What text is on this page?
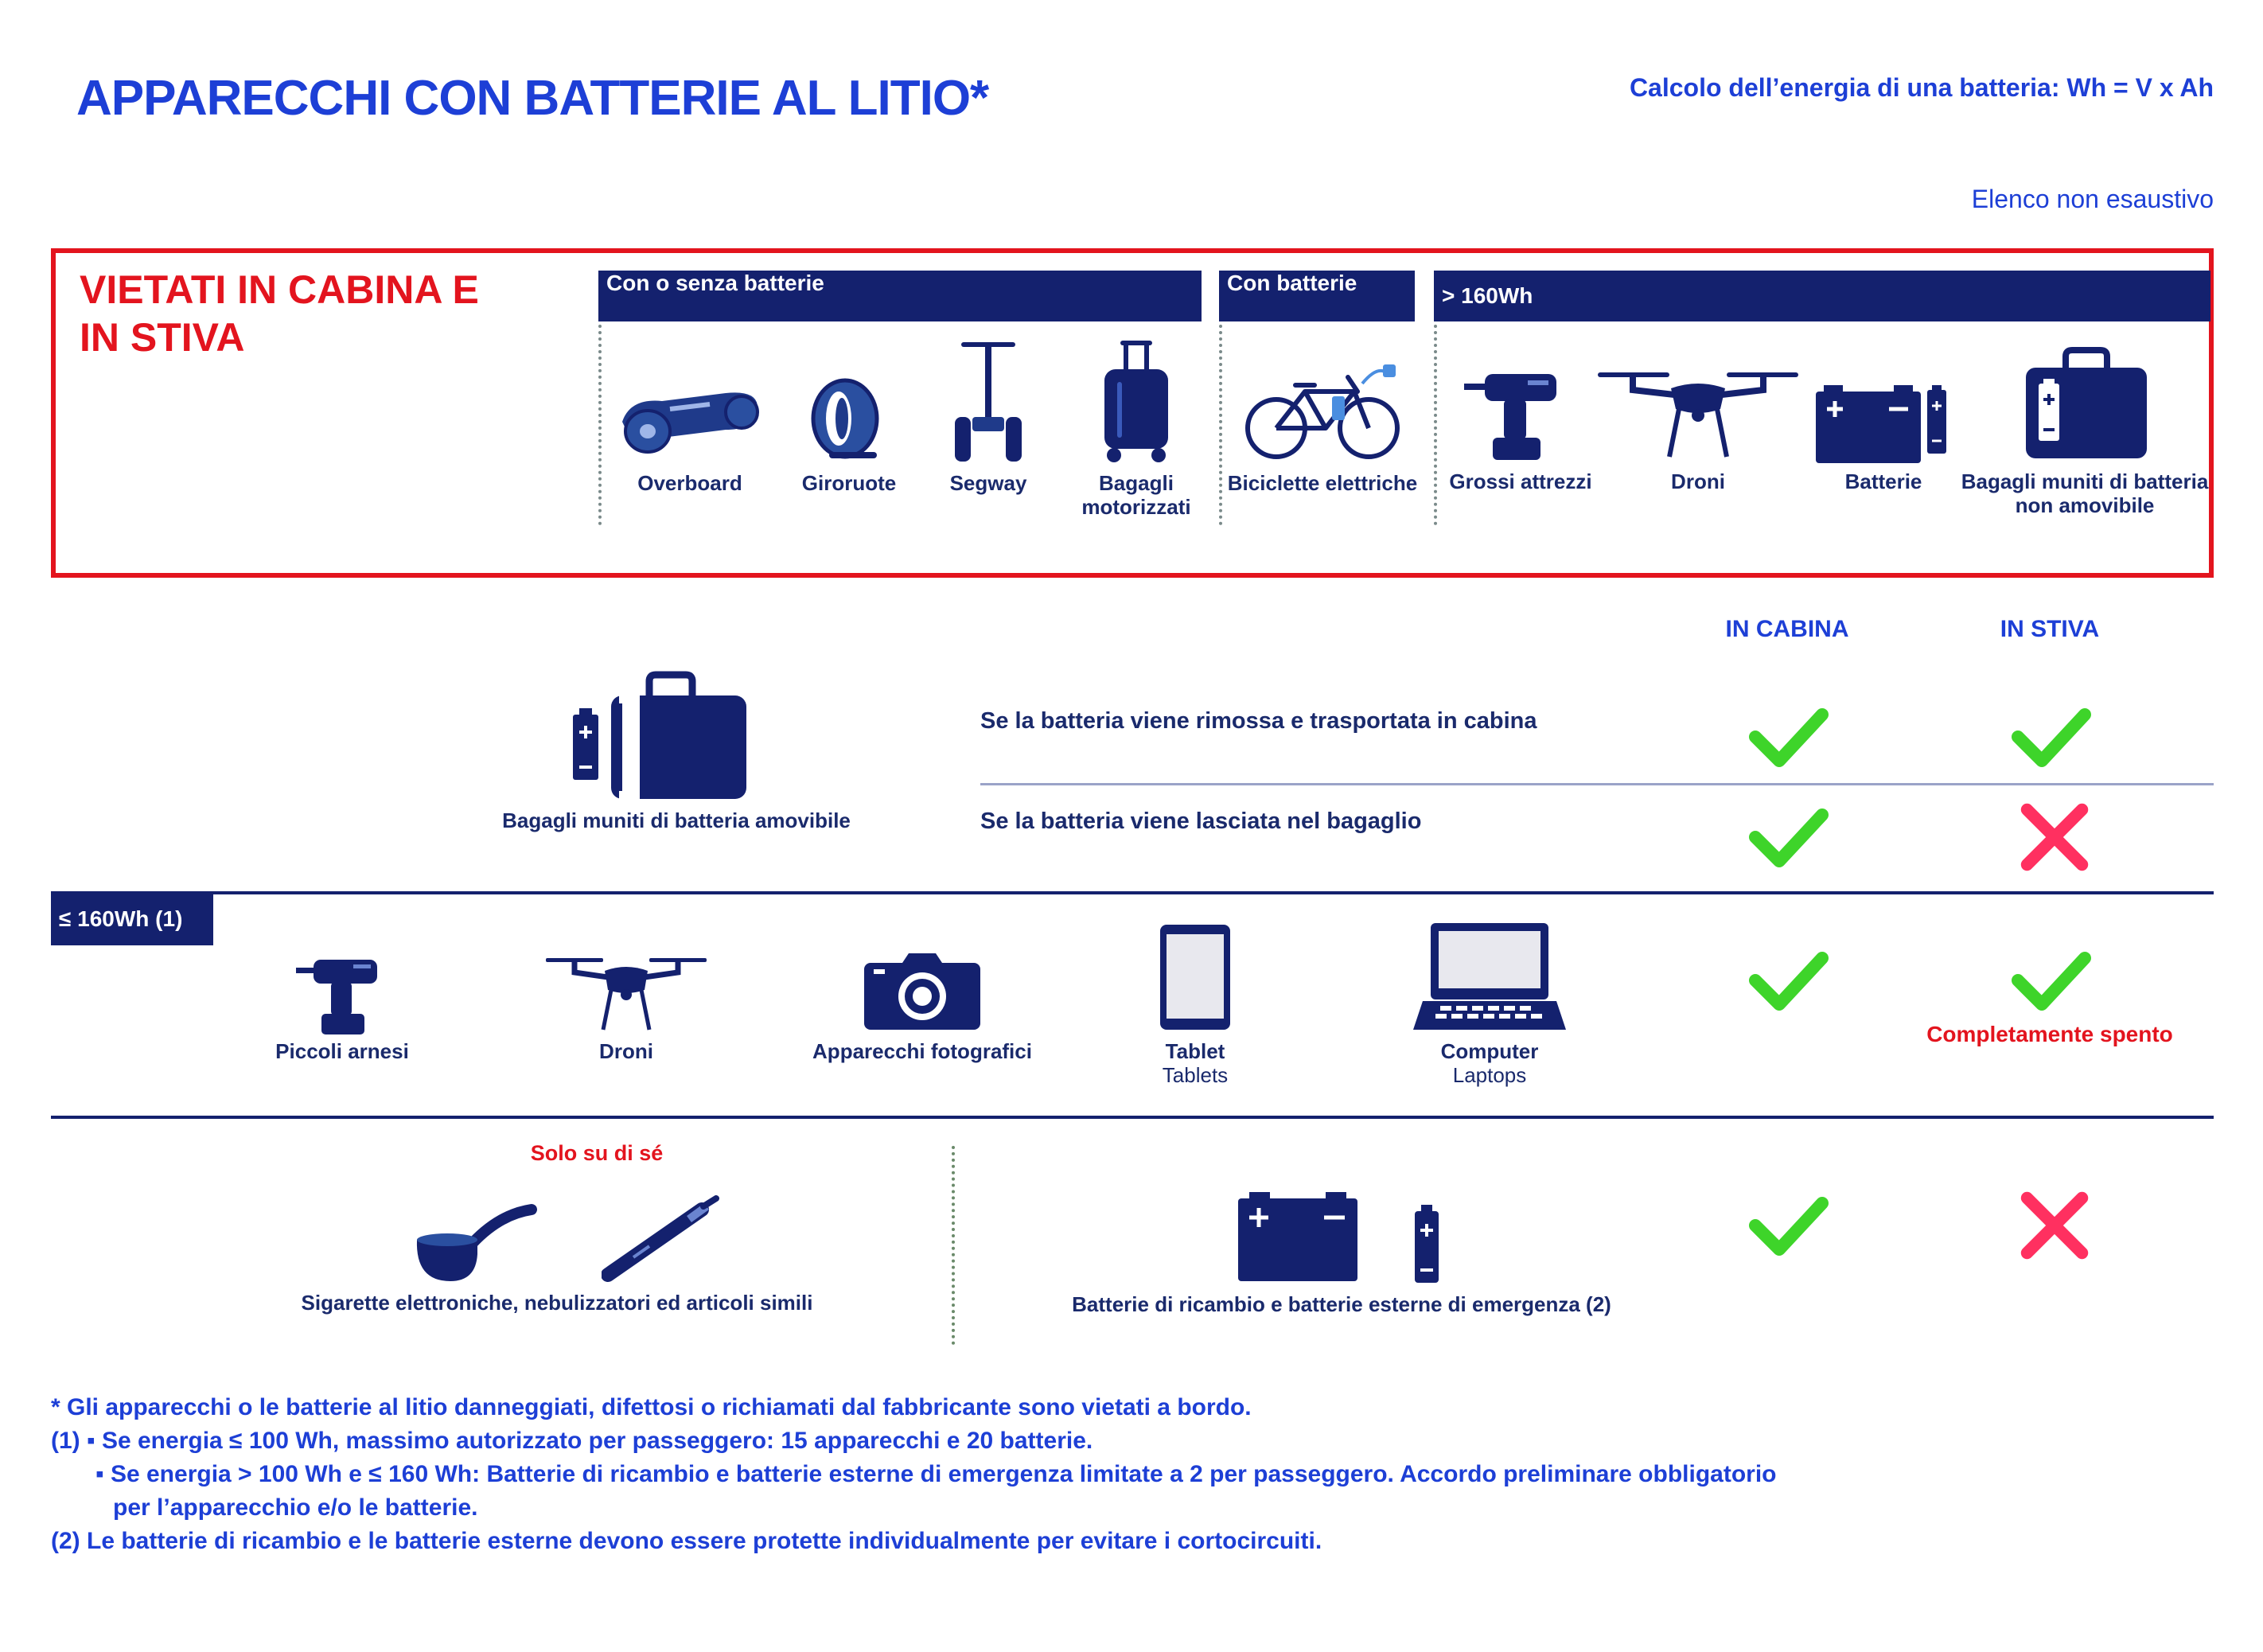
APPARECCHI CON BATTERIE AL LITIO*	Calcolo dell’energia di una batteria: Wh = V x Ah
Elenco non esaustivo
VIETATI IN CABINA E
IN STIVA
Con o senza batterie	Con batterie
> 160Wh
Overboard	Giroruote	Segway	Bagagli
motorizzati
Biciclette elettriche	Grossi attrezzi	Droni	Batterie	Bagagli muniti di batteria
non amovibile
IN CABINA	IN STIVA
Bagagli muniti di batteria amovibile
Se la batteria viene rimossa e trasportata in cabina
Se la batteria viene lasciata nel bagaglio
≤ 160Wh (1)
Piccoli arnesi	Droni	Apparecchi fotografici	Tablet
Tablets
Computer
Laptops
Completamente spento
Solo su di sé
Sigarette elettroniche, nebulizzatori ed articoli simili	Batterie di ricambio e batterie esterne di emergenza (2)
* Gli apparecchi o le batterie al litio danneggiati, difettosi o richiamati dal fabbricante sono vietati a bordo.
(1) ▪ Se energia ≤ 100 Wh, massimo autorizzato per passeggero: 15 apparecchi e 20 batterie.
▪ Se energia > 100 Wh e ≤ 160 Wh: Batterie di ricambio e batterie esterne di emergenza limitate a 2 per passeggero. Accordo preliminare obbligatorio
per l’apparecchio e/o le batterie.
(2) Le batterie di ricambio e le batterie esterne devono essere protette individualmente per evitare i cortocircuiti.
